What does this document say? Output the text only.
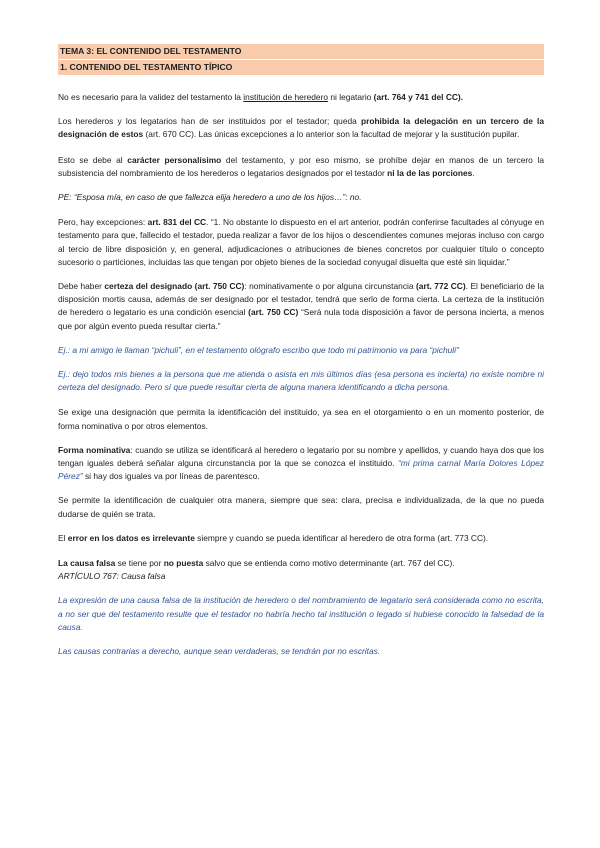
TEMA 3: EL CONTENIDO DEL TESTAMENTO
1. CONTENIDO DEL TESTAMENTO TÍPICO

No es necesario para la validez del testamento la institución de heredero ni legatario (art. 764 y 741 del CC).

Los herederos y los legatarios han de ser instituidos por el testador; queda prohibida la delegación en un tercero de la designación de estos (art. 670 CC). Las únicas excepciones a lo anterior son la facultad de mejorar y la sustitución pupilar.

Esto se debe al carácter personalísimo del testamento, y por eso mismo, se prohíbe dejar en manos de un tercero la subsistencia del nombramiento de los herederos o legatarios designados por el testador ni la de las porciones.

PE: “Esposa mía, en caso de que fallezca elija heredero a uno de los hijos…”: no.

Pero, hay excepciones: art. 831 del CC. “1. No obstante lo dispuesto en el art anterior, podrán conferirse facultades al cónyuge en testamento para que, fallecido el testador, pueda realizar a favor de los hijos o descendientes comunes mejoras incluso con cargo al tercio de libre disposición y, en general, adjudicaciones o atribuciones de bienes concretos por cualquier título o concepto sucesorio o particiones, incluidas las que tengan por objeto bienes de la sociedad conyugal disuelta que esté sin liquidar.”

Debe haber certeza del designado (art. 750 CC): nominativamente o por alguna circunstancia (art. 772 CC). El beneficiario de la disposición mortis causa, además de ser designado por el testador, tendrá que serlo de forma cierta. La certeza de la institución de heredero o legatario es una condición esencial (art. 750 CC) “Será nula toda disposición a favor de persona incierta, a menos que por algún evento pueda resultar cierta.”

Ej.: a mi amigo le llaman “pichuli”, en el testamento ológrafo escribo que todo mi patrimonio va para “pichuli”

Ej.: dejo todos mis bienes a la persona que me atienda o asista en mis últimos días (esa persona es incierta) no existe nombre ni certeza del designado. Pero sí que puede resultar cierta de alguna manera identificando a dicha persona.

Se exige una designación que permita la identificación del instituido, ya sea en el otorgamiento o en un momento posterior, de forma nominativa o por otros elementos.

Forma nominativa: cuando se utiliza se identificará al heredero o legatario por su nombre y apellidos, y cuando haya dos que los tengan iguales deberá señalar alguna circunstancia por la que se conozca el instituido. “mi prima carnal María Dolores López Pérez” si hay dos iguales va por líneas de parentesco.

Se permite la identificación de cualquier otra manera, siempre que sea: clara, precisa e individualizada, de la que no pueda dudarse de quién se trata.

El error en los datos es irrelevante siempre y cuando se pueda identificar al heredero de otra forma (art. 773 CC).

La causa falsa se tiene por no puesta salvo que se entienda como motivo determinante (art. 767 del CC).
ARTÍCULO 767: Causa falsa

La expresión de una causa falsa de la institución de heredero o del nombramiento de legatario será considerada como no escrita, a no ser que del testamento resulte que el testador no habría hecho tal institución o legado si hubiese conocido la falsedad de la causa.

Las causas contrarias a derecho, aunque sean verdaderas, se tendrán por no escritas.
